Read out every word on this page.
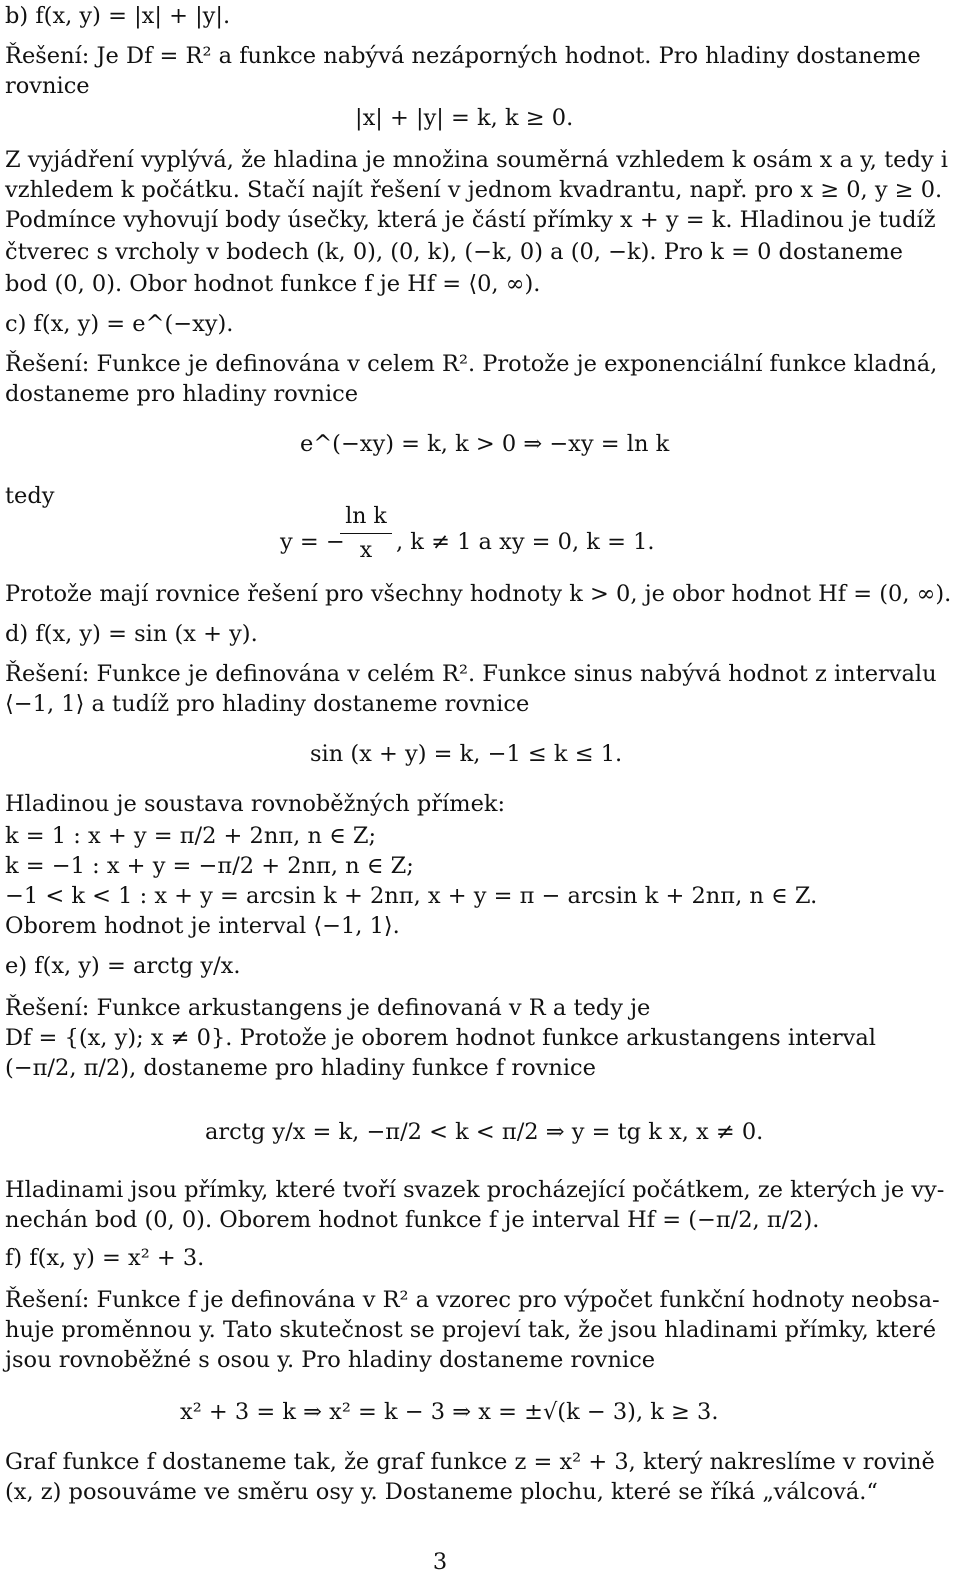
b) f(x, y) = |x| + |y|.
Řešení: Je Df = R² a funkce nabývá nezáporných hodnot. Pro hladiny dostaneme
rovnice
|x| + |y| = k, k ≥ 0.
Z vyjádření vyplývá, že hladina je množina souměrná vzhledem k osám x a y, tedy i
vzhledem k počátku. Stačí najít řešení v jednom kvadrantu, např. pro x ≥ 0, y ≥ 0.
Podmínce vyhovují body úsečky, která je částí přímky x + y = k. Hladinou je tudíž
čtverec s vrcholy v bodech (k, 0), (0, k), (−k, 0) a (0, −k). Pro k = 0 dostaneme
bod (0, 0). Obor hodnot funkce f je Hf = ⟨0, ∞).
c) f(x, y) = e^(−xy).
Řešení: Funkce je definována v celem R². Protože je exponenciální funkce kladná,
dostaneme pro hladiny rovnice
e^(−xy) = k, k > 0 ⇒ −xy = ln k
tedy
y = −
ln k
x	, k ≠ 1 a xy = 0, k = 1.
Protože mají rovnice řešení pro všechny hodnoty k > 0, je obor hodnot Hf = (0, ∞).
d) f(x, y) = sin (x + y).
Řešení: Funkce je definována v celém R². Funkce sinus nabývá hodnot z intervalu
⟨−1, 1⟩ a tudíž pro hladiny dostaneme rovnice
sin (x + y) = k, −1 ≤ k ≤ 1.
Hladinou je soustava rovnoběžných přímek:
k = 1 : x + y = π/2 + 2nπ, n ∈ Z;
k = −1 : x + y = −π/2 + 2nπ, n ∈ Z;
−1 < k < 1 : x + y = arcsin k + 2nπ, x + y = π − arcsin k + 2nπ, n ∈ Z.
Oborem hodnot je interval ⟨−1, 1⟩.
e) f(x, y) = arctg y/x.
Řešení: Funkce arkustangens je definovaná v R a tedy je
Df = {(x, y); x ≠ 0}. Protože je oborem hodnot funkce arkustangens interval
(−π/2, π/2), dostaneme pro hladiny funkce f rovnice
arctg y/x = k, −π/2 < k < π/2 ⇒ y = tg k x, x ≠ 0.
Hladinami jsou přímky, které tvoří svazek procházející počátkem, ze kterých je vy-
nechán bod (0, 0). Oborem hodnot funkce f je interval Hf = (−π/2, π/2).
f) f(x, y) = x² + 3.
Řešení: Funkce f je definována v R² a vzorec pro výpočet funkční hodnoty neobsa-
huje proměnnou y. Tato skutečnost se projeví tak, že jsou hladinami přímky, které
jsou rovnoběžné s osou y. Pro hladiny dostaneme rovnice
x² + 3 = k ⇒ x² = k − 3 ⇒ x = ±√(k − 3), k ≥ 3.
Graf funkce f dostaneme tak, že graf funkce z = x² + 3, který nakreslíme v rovině
(x, z) posouváme ve směru osy y. Dostaneme plochu, které se říká „válcová.“
3
